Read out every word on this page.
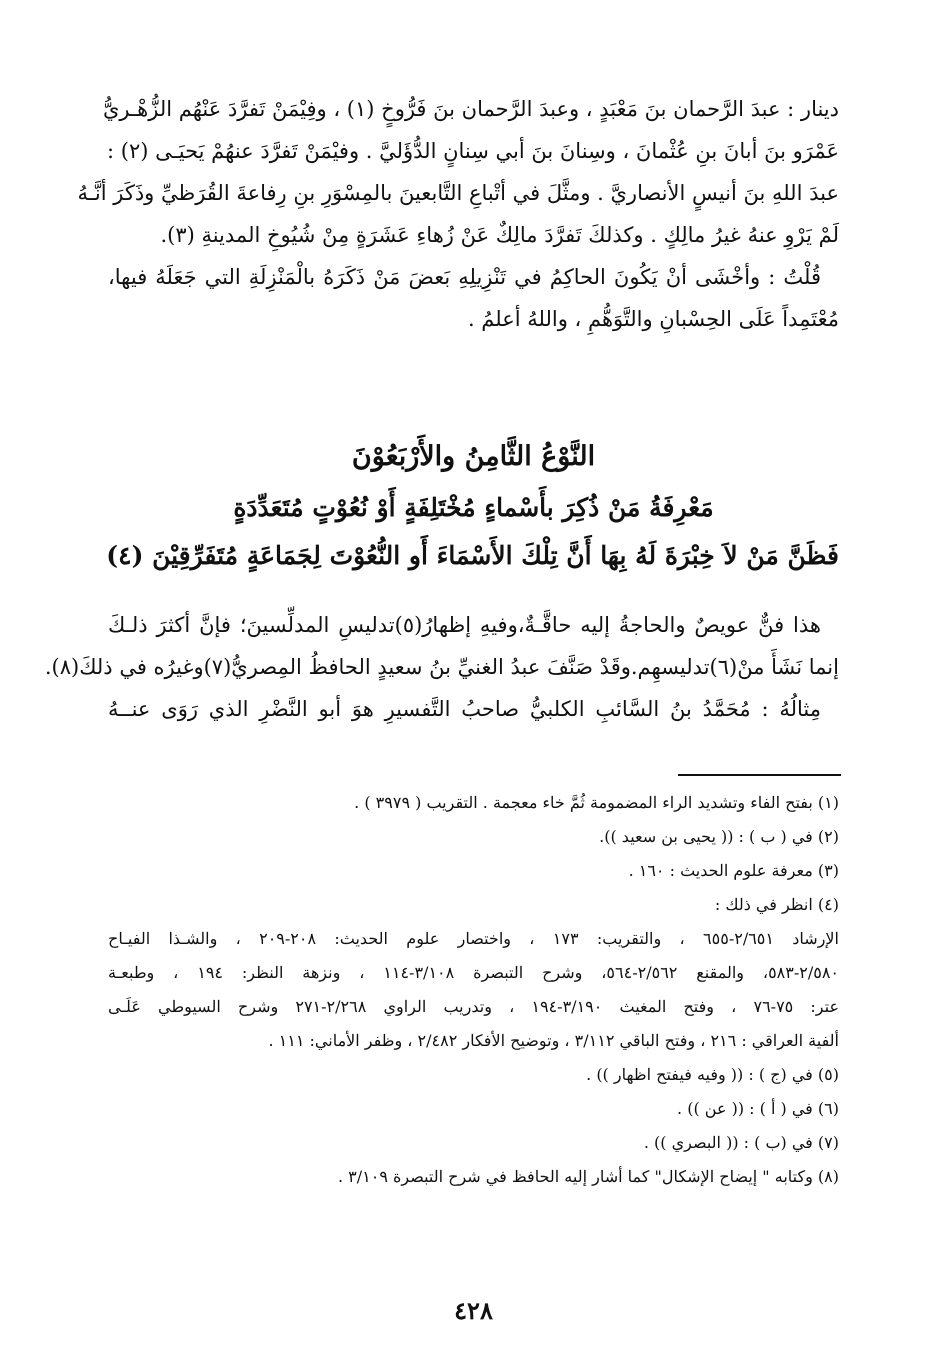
دينار : عبدَ الرَّحمان بنَ مَعْبَدٍ ، وعبدَ الرَّحمان بنَ فَرُّوخٍ (١) ، وفِيْمَنْ تَفرَّدَ عَنْهُم الزُّهْـريُّ
عَمْرَو بنَ أبانَ بنِ عُثْمانَ ، وسِنانَ بنَ أبي سِنانٍ الدُّؤَليَّ . وفيْمَنْ تَفرَّدَ عنهُمْ يَحيَـى (٢) :
عبدَ اللهِ بنَ أنيسٍ الأنصاريَّ . ومثَّلَ في أتْباعِ التَّابعينَ بالمِسْوَرِ بنِ رِفاعةَ القُرَظيِّ وذَكَرَ أنَّـهُ
لَمْ يَرْوِ عنهُ غيرُ مالِكٍ . وكذلكَ تَفرَّدَ مالِكٌ عَنْ زُهاءِ عَشَرَةٍ مِنْ شُيُوخِ المدينةِ (٣).
قُلْتُ : وأخْشَى أنْ يَكُونَ الحاكِمُ في تَنْزِيلِهِ بَعضَ مَنْ ذَكَرَهُ بالْمَنْزِلَةِ التي جَعَلَهُ فيها،
مُعْتَمِداً عَلَى الحِسْبانِ والتَّوَهُّمِ ، واللهُ أعلمُ .
النَّوْعُ الثَّامِنُ والأَرْبَعُوْنَ
مَعْرِفَةُ مَنْ ذُكِرَ بأَسْماءٍ مُخْتَلِفَةٍ أَوْ نُعُوْتٍ مُتَعَدِّدَةٍ
فَظَنَّ مَنْ لاَ خِبْرَةَ لَهُ بِهَا أَنَّ تِلْكَ الأَسْمَاءَ أَو النُّعُوْتَ لِجَمَاعَةٍ مُتَفَرِّقِيْنَ (٤)
هذا فنٌّ عويصٌ والحاجةُ إليه حاقَّـةٌ،وفيهِ إظهارُ(٥)تدليسِ المدلِّسينَ؛ فإنَّ أكثرَ ذلـكَ
إنما نَشَأَ منْ(٦)تدليسهِم.وقَدْ صَنَّفَ عبدُ الغنيِّ بنُ سعيدٍ الحافظُ المِصريُّ(٧)وغيرُه في ذلكَ(٨).
مِثالُهُ : مُحَمَّدُ بنُ السَّائبِ الكلبيُّ صاحبُ التَّفسيرِ هوَ أبو النَّضْرِ الذي رَوَى عنــهُ
(١) بفتح الفاء وتشديد الراء المضمومة ثُمَّ خاء معجمة . التقريب ( ٣٩٧٩ ) .
(٢) في ( ب ) : (( يحيى بن سعيد )).
(٣) معرفة علوم الحديث : ١٦٠ .
(٤) انظر في ذلك :
الإرشاد ٢/٦٥١-٦٥٥ ، والتقريب: ١٧٣ ، واختصار علوم الحديث: ٢٠٨-٢٠٩ ، والشـذا الفيـاح
٢/٥٨٠-٥٨٣، والمقنع ٢/٥٦٢-٥٦٤، وشرح التبصرة ٣/١٠٨-١١٤ ، ونزهة النظر: ١٩٤ ، وطبعـة
عتر: ٧٥-٧٦ ، وفتح المغيث ٣/١٩٠-١٩٤ ، وتدريب الراوي ٢/٢٦٨-٢٧١ وشرح السيوطي عَلَـى
ألفية العراقي : ٢١٦ ، وفتح الباقي ٣/١١٢ ، وتوضيح الأفكار ٢/٤٨٢ ، وظفر الأماني: ١١١ .
(٥) في (ج ) : (( وفيه فيفتح اظهار )) .
(٦) في ( أ ) : (( عن )) .
(٧) في (ب ) : (( البصري )) .
(٨) وكتابه " إيضاح الإشكال" كما أشار إليه الحافظ في شرح التبصرة ٣/١٠٩ .
٤٢٨
